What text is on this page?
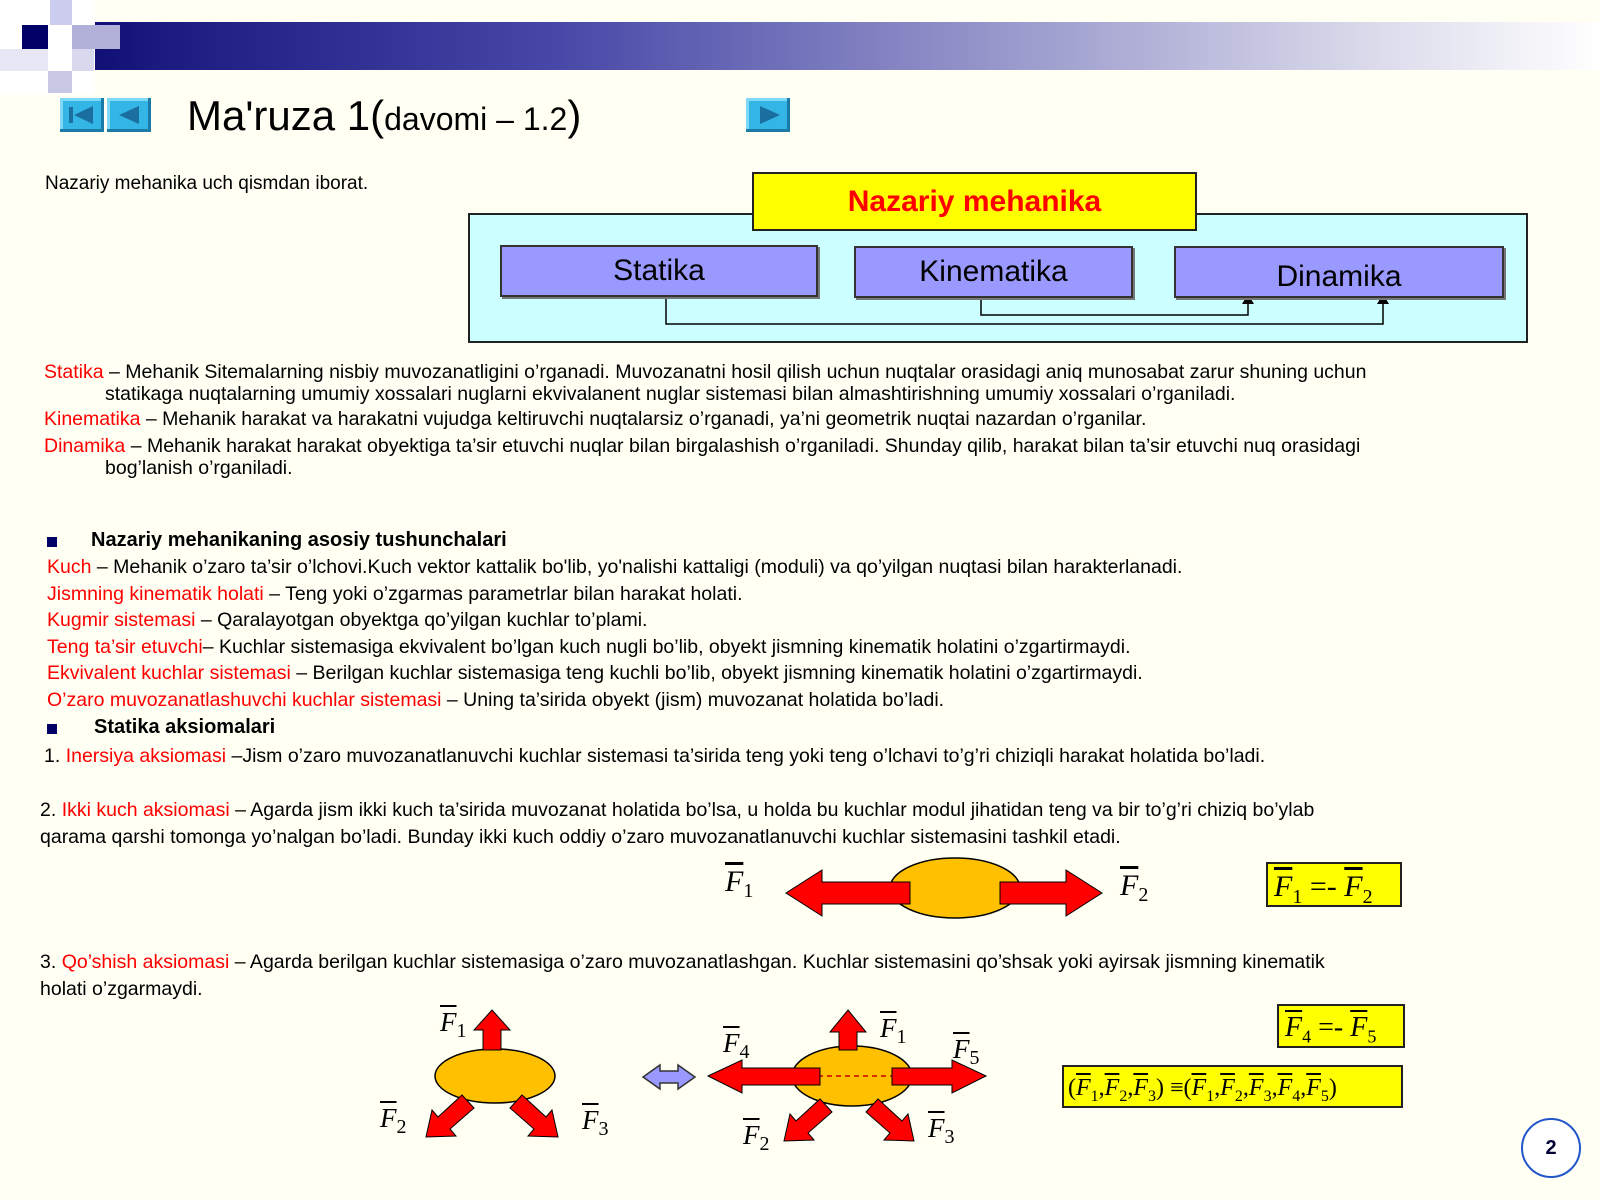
Ma'ruza 1(davomi – 1.2)
Nazariy mehanika uch qismdan iborat.
Nazariy mehanika
Statika	Kinematika	Dinamika
Statika – Mehanik Sitemalarning nisbiy muvozanatligini o’rganadi. Muvozanatni hosil qilish uchun nuqtalar orasidagi aniq munosabat zarur shuning uchun
statikaga nuqtalarning umumiy xossalari nuglarni ekvivalanent nuglar sistemasi bilan almashtirishning umumiy xossalari o’rganiladi.
Kinematika – Mehanik harakat va harakatni vujudga keltiruvchi nuqtalarsiz o’rganadi, ya’ni geometrik nuqtai nazardan o’rganilar.
Dinamika – Mehanik harakat harakat obyektiga ta’sir etuvchi nuqlar bilan birgalashish o’rganiladi. Shunday qilib, harakat bilan ta’sir etuvchi nuq orasidagi
bog’lanish o’rganiladi.
Nazariy mehanikaning asosiy tushunchalari
Kuch – Mehanik o’zaro ta’sir o’lchovi.Kuch vektor kattalik bo'lib, yo'nalishi kattaligi (moduli) va qo’yilgan nuqtasi bilan harakterlanadi.
Jismning kinematik holati – Teng yoki o’zgarmas parametrlar bilan harakat holati.
Kugmir sistemasi – Qaralayotgan obyektga qo’yilgan kuchlar to’plami.
Teng ta’sir etuvchi– Kuchlar sistemasiga ekvivalent bo’lgan kuch nugli bo’lib, obyekt jismning kinematik holatini o’zgartirmaydi.
Ekvivalent kuchlar sistemasi – Berilgan kuchlar sistemasiga teng kuchli bo’lib, obyekt jismning kinematik holatini o’zgartirmaydi.
O’zaro muvozanatlashuvchi kuchlar sistemasi – Uning ta’sirida obyekt (jism) muvozanat holatida bo’ladi.
Statika aksiomalari
1. Inersiya aksiomasi –Jism o’zaro muvozanatlanuvchi kuchlar sistemasi ta’sirida teng yoki teng o’lchavi to’g’ri chiziqli harakat holatida bo’ladi.
2. Ikki kuch aksiomasi – Agarda jism ikki kuch ta’sirida muvozanat holatida bo’lsa, u holda bu kuchlar modul jihatidan teng va bir to’g’ri chiziq bo’ylab
qarama qarshi tomonga yo’nalgan bo’ladi. Bunday ikki kuch oddiy o’zaro muvozanatlanuvchi kuchlar sistemasini tashkil etadi.
3. Qo’shish aksiomasi – Agarda berilgan kuchlar sistemasiga o’zaro muvozanatlashgan. Kuchlar sistemasini qo’shsak yoki ayirsak jismning kinematik
holati o’zgarmaydi.
$\overline{F}_1$	$\overline{F}_2$
$\overline{F}_1$
$\overline{F}_2$	$\overline{F}_3$
$\overline{F}_4$
$\overline{F}_1$ $\overline{F}_5$
$\overline{F}_2$
$\overline{F}_3$
$\overline{F}_1 =- \overline{F}_2$
$\overline{F}_4 =- \overline{F}_5$
$(\overline{F}_1,\overline{F}_2,\overline{F}_3) \equiv(\overline{F}_1,\overline{F}_2,\overline{F}_3,\overline{F}_4,\overline{F}_5)$
2
